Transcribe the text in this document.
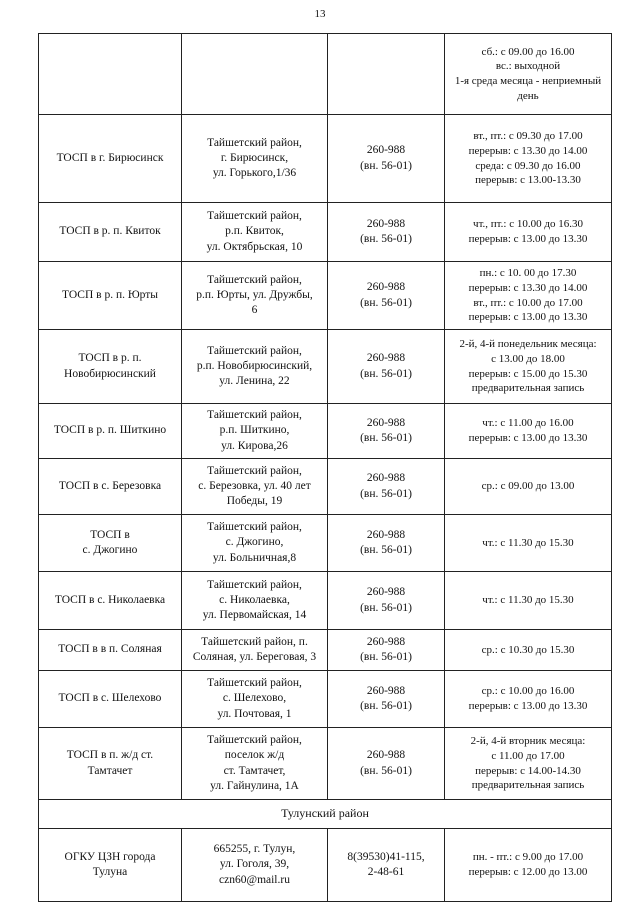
13

			сб.: с 09.00 до 16.00
вс.: выходной
1-я среда месяца - неприемный
день

ТОСП в г. Бирюсинск	Тайшетский район,
г. Бирюсинск,
ул. Горького,1/36	260-988
(вн. 56-01)	вт., пт.: с 09.30 до 17.00
перерыв: с 13.30 до 14.00
среда: с 09.30 до 16.00
перерыв: с 13.00-13.30

ТОСП в р. п. Квиток	Тайшетский район,
р.п. Квиток,
ул. Октябрьская, 10	260-988
(вн. 56-01)	чт., пт.: с 10.00 до 16.30
перерыв: с 13.00 до 13.30

ТОСП в р. п. Юрты	Тайшетский район,
р.п. Юрты, ул. Дружбы,
6	260-988
(вн. 56-01)	пн.: с 10. 00 до 17.30
перерыв: с 13.30 до 14.00
вт., пт.: с 10.00 до 17.00
перерыв: с 13.00 до 13.30

ТОСП в р. п.
Новобирюсинский	Тайшетский район,
р.п. Новобирюсинский,
ул. Ленина, 22	260-988
(вн. 56-01)	2-й, 4-й понедельник месяца:
с 13.00 до 18.00
перерыв: с 15.00 до 15.30
предварительная запись

ТОСП в р. п. Шиткино	Тайшетский район,
р.п. Шиткино,
ул. Кирова,26	260-988
(вн. 56-01)	чт.: с 11.00 до 16.00
перерыв: с 13.00 до 13.30

ТОСП в с. Березовка	Тайшетский район,
с. Березовка, ул. 40 лет
Победы, 19	260-988
(вн. 56-01)	ср.: с 09.00 до 13.00

ТОСП в
с. Джогино	Тайшетский район,
с. Джогино,
ул. Больничная,8	260-988
(вн. 56-01)	чт.: с 11.30 до 15.30

ТОСП в с. Николаевка	Тайшетский район,
с. Николаевка,
ул. Первомайская, 14	260-988
(вн. 56-01)	чт.: с 11.30 до 15.30

ТОСП в в п. Соляная	Тайшетский район, п.
Соляная, ул. Береговая, 3	260-988
(вн. 56-01)	ср.: с 10.30 до 15.30

ТОСП в с. Шелехово	Тайшетский район,
с. Шелехово,
ул. Почтовая, 1	260-988
(вн. 56-01)	ср.: с 10.00 до 16.00
перерыв: с 13.00 до 13.30

ТОСП в п. ж/д ст.
Тамтачет	Тайшетский район,
поселок ж/д
ст. Тамтачет,
ул. Гайнулина, 1А	260-988
(вн. 56-01)	2-й, 4-й вторник месяца:
с 11.00 до 17.00
перерыв: с 14.00-14.30
предварительная запись

Тулунский район			

ОГКУ ЦЗН города
Тулуна	665255, г. Тулун,
ул. Гоголя, 39,
czn60@mail.ru	8(39530)41-115,
2-48-61	пн. - пт.: с 9.00 до 17.00
перерыв: с 12.00 до 13.00
